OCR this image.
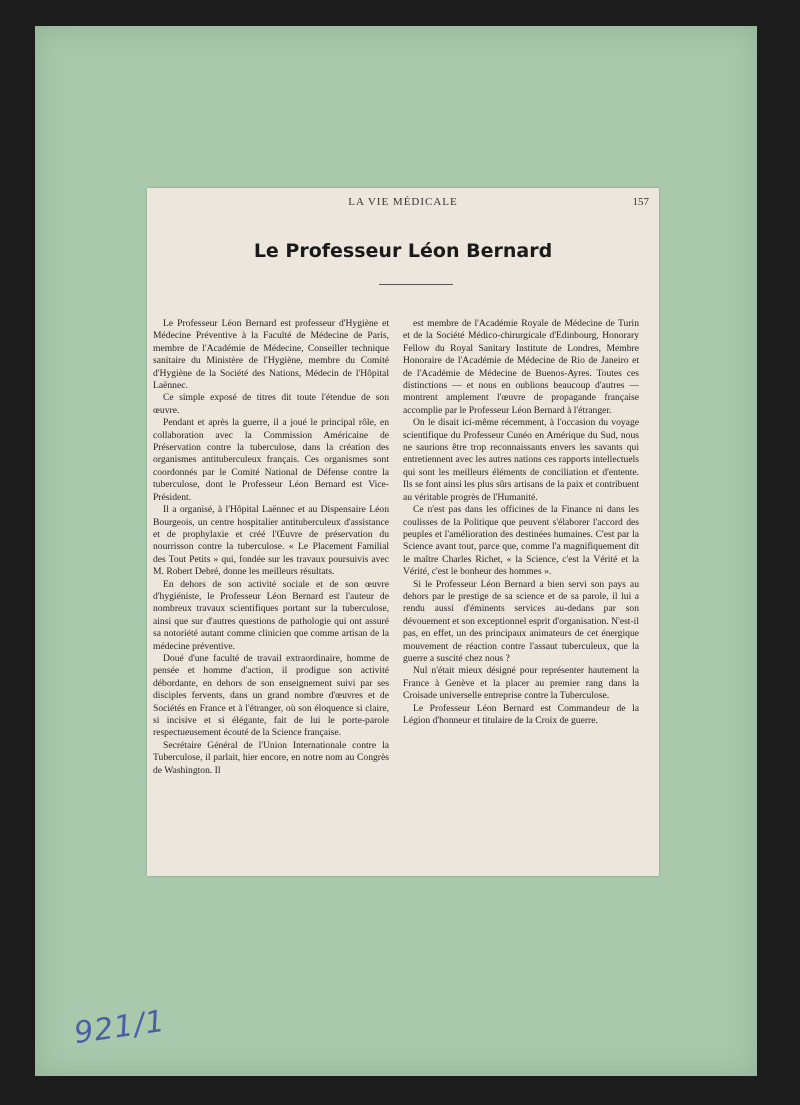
LA VIE MÉDICALE	157
Le Professeur Léon Bernard

Le Professeur Léon Bernard est professeur d'Hygiène et Médecine Préventive à la Faculté de Médecine de Paris, membre de l'Académie de Médecine, Conseiller technique sanitaire du Ministère de l'Hygiène, membre du Comité d'Hygiène de la Société des Nations, Médecin de l'Hôpital Laënnec.

Ce simple exposé de titres dit toute l'étendue de son œuvre.

Pendant et après la guerre, il a joué le principal rôle, en collaboration avec la Commission Américaine de Préservation contre la tuberculose, dans la création des organismes antituberculeux français. Ces organismes sont coordonnés par le Comité National de Défense contre la tuberculose, dont le Professeur Léon Bernard est Vice-Président.

Il a organisé, à l'Hôpital Laënnec et au Dispensaire Léon Bourgeois, un centre hospitalier antituberculeux d'assistance et de prophylaxie et créé l'Œuvre de préservation du nourrisson contre la tuberculose. « Le Placement Familial des Tout Petits » qui, fondée sur les travaux poursuivis avec M. Robert Debré, donne les meilleurs résultats.

En dehors de son activité sociale et de son œuvre d'hygiéniste, le Professeur Léon Bernard est l'auteur de nombreux travaux scientifiques portant sur la tuberculose, ainsi que sur d'autres questions de pathologie qui ont assuré sa notoriété autant comme clinicien que comme artisan de la médecine préventive.

Doué d'une faculté de travail extraordinaire, homme de pensée et homme d'action, il prodigue son activité débordante, en dehors de son enseignement suivi par ses disciples fervents, dans un grand nombre d'œuvres et de Sociétés en France et à l'étranger, où son éloquence si claire, si incisive et si élégante, fait de lui le porte-parole respectueusement écouté de la Science française.

Secrétaire Général de l'Union Internationale contre la Tuberculose, il parlait, hier encore, en notre nom au Congrès de Washington. Il

est membre de l'Académie Royale de Médecine de Turin et de la Société Médico-chirurgicale d'Edinbourg, Honorary Fellow du Royal Sanitary Institute de Londres, Membre Honoraire de l'Académie de Médecine de Rio de Janeiro et de l'Académie de Médecine de Buenos-Ayres. Toutes ces distinctions — et nous en oublions beaucoup d'autres — montrent amplement l'œuvre de propagande française accomplie par le Professeur Léon Bernard à l'étranger.

On le disait ici-même récemment, à l'occasion du voyage scientifique du Professeur Cunéo en Amérique du Sud, nous ne saurions être trop reconnaissants envers les savants qui entretiennent avec les autres nations ces rapports intellectuels qui sont les meilleurs éléments de conciliation et d'entente. Ils se font ainsi les plus sûrs artisans de la paix et contribuent au véritable progrès de l'Humanité.

Ce n'est pas dans les officines de la Finance ni dans les coulisses de la Politique que peuvent s'élaborer l'accord des peuples et l'amélioration des destinées humaines. C'est par la Science avant tout, parce que, comme l'a magnifiquement dit le maître Charles Richet, « la Science, c'est la Vérité et la Vérité, c'est le bonheur des hommes ».

Si le Professeur Léon Bernard a bien servi son pays au dehors par le prestige de sa science et de sa parole, il lui a rendu aussi d'éminents services au-dedans par son dévouement et son exceptionnel esprit d'organisation. N'est-il pas, en effet, un des principaux animateurs de cet énergique mouvement de réaction contre l'assaut tuberculeux, que la guerre a suscité chez nous ?

Nul n'était mieux désigné pour représenter hautement la France à Genève et la placer au premier rang dans la Croisade universelle entreprise contre la Tuberculose.

Le Professeur Léon Bernard est Commandeur de la Légion d'honneur et titulaire de la Croix de guerre.

921/1
